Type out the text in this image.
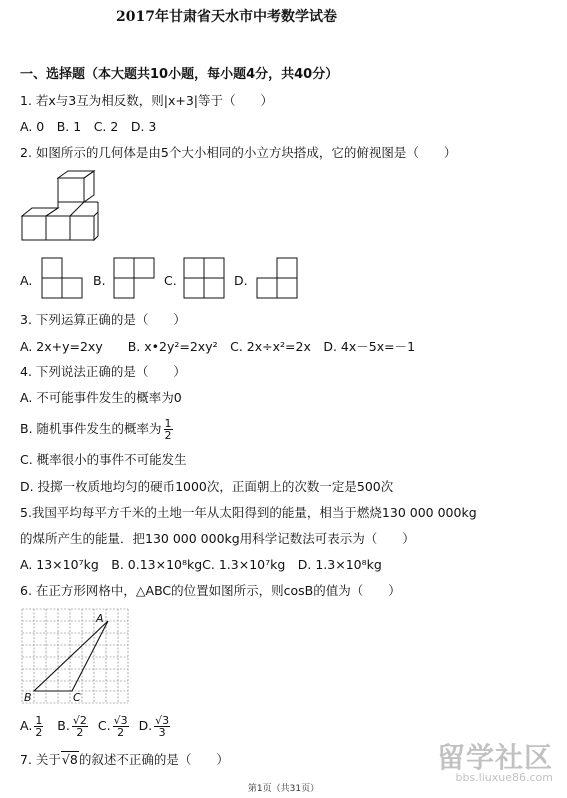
2017年甘肃省天水市中考数学试卷
一、选择题（本大题共10小题，每小题4分，共40分）
1. 若x与3互为相反数，则|x+3|等于（　　）
A. 0　B. 1　C. 2　D. 3
2. 如图所示的几何体是由5个大小相同的小立方块搭成，它的俯视图是（　　）
A.	B.	C.	D.
3. 下列运算正确的是（　　）
A. 2x+y=2xy　　B. x•2y²=2xy²　C. 2x÷x²=2x　D. 4x－5x=－1
4. 下列说法正确的是（　　）
A. 不可能事件发生的概率为0
B. 随机事件发生的概率为 $\frac{1}{2}$
C. 概率很小的事件不可能发生
D. 投掷一枚质地均匀的硬币1000次，正面朝上的次数一定是500次
5.我国平均每平方千米的土地一年从太阳得到的能量，相当于燃烧130 000 000kg
的煤所产生的能量．把130 000 000kg用科学记数法可表示为（　　）
A. 13×10⁷kg　B. 0.13×10⁸kgC. 1.3×10⁷kg　D. 1.3×10⁸kg
6. 在正方形网格中，△ABC的位置如图所示，则cosB的值为（　　）
A
B	C
A. $\frac{1}{2} B$. $\frac{√2}{2} C$. $\frac{√3}{2} D$. $\frac{√3}{3}$
7. 关于√8的叙述不正确的是（　　）
第1页（共31页）
留学社区
bbs.liuxue86.com
